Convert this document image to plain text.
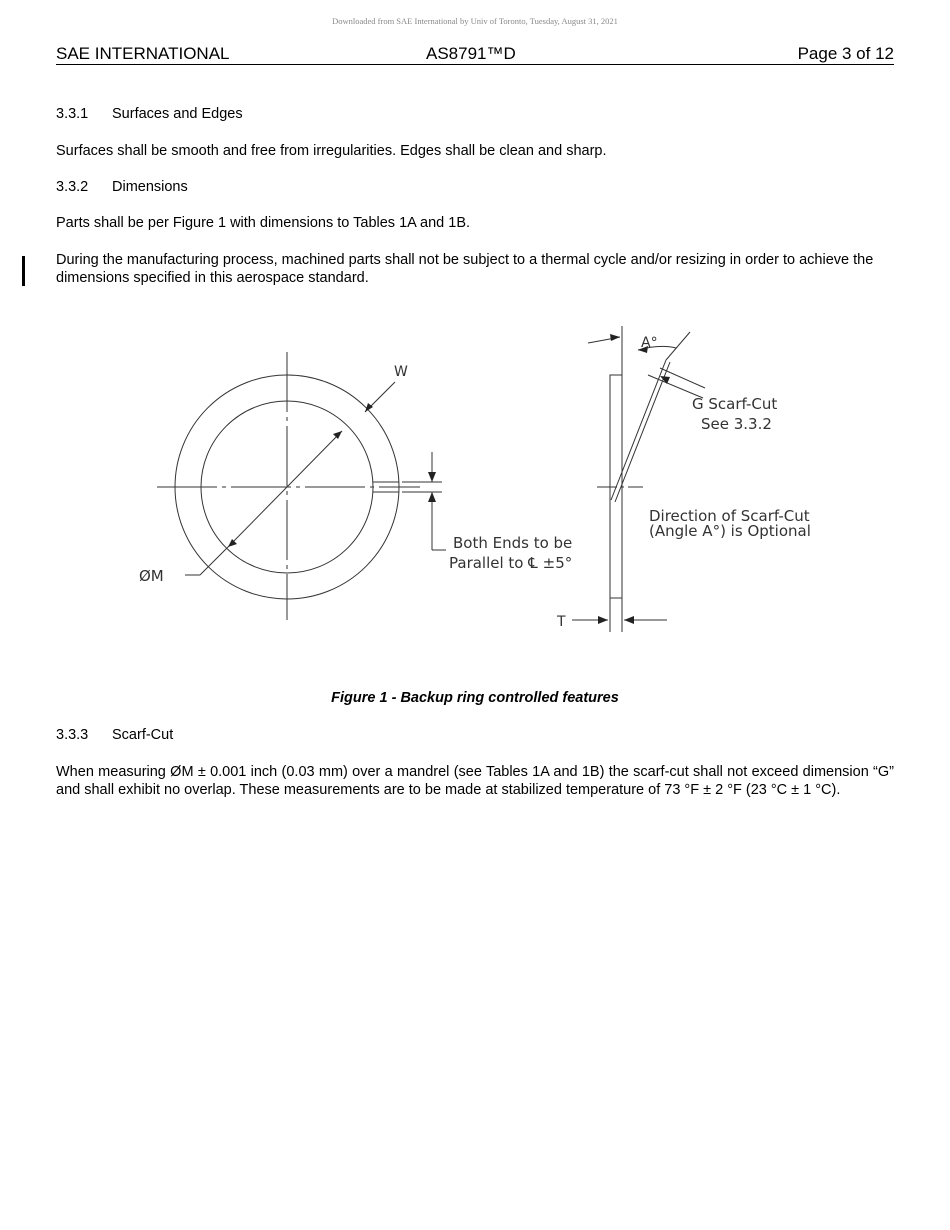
Downloaded from SAE International by Univ of Toronto, Tuesday, August 31, 2021
SAE INTERNATIONAL	AS8791™D	Page 3 of 12
3.3.1 Surfaces and Edges
Surfaces shall be smooth and free from irregularities. Edges shall be clean and sharp.
3.3.2 Dimensions
Parts shall be per Figure 1 with dimensions to Tables 1A and 1B.
During the manufacturing process, machined parts shall not be subject to a thermal cycle and/or resizing in order to achieve the dimensions specified in this aerospace standard.
W
ØM
Both Ends to be
Parallel to ℄ ±5°
A°
G Scarf-Cut
See 3.3.2
Direction of Scarf-Cut
(Angle A°) is Optional
T
Figure 1 - Backup ring controlled features
3.3.3 Scarf-Cut
When measuring ØM ± 0.001 inch (0.03 mm) over a mandrel (see Tables 1A and 1B) the scarf-cut shall not exceed dimension “G” and shall exhibit no overlap. These measurements are to be made at stabilized temperature of 73 °F ± 2 °F (23 °C ± 1 °C).
